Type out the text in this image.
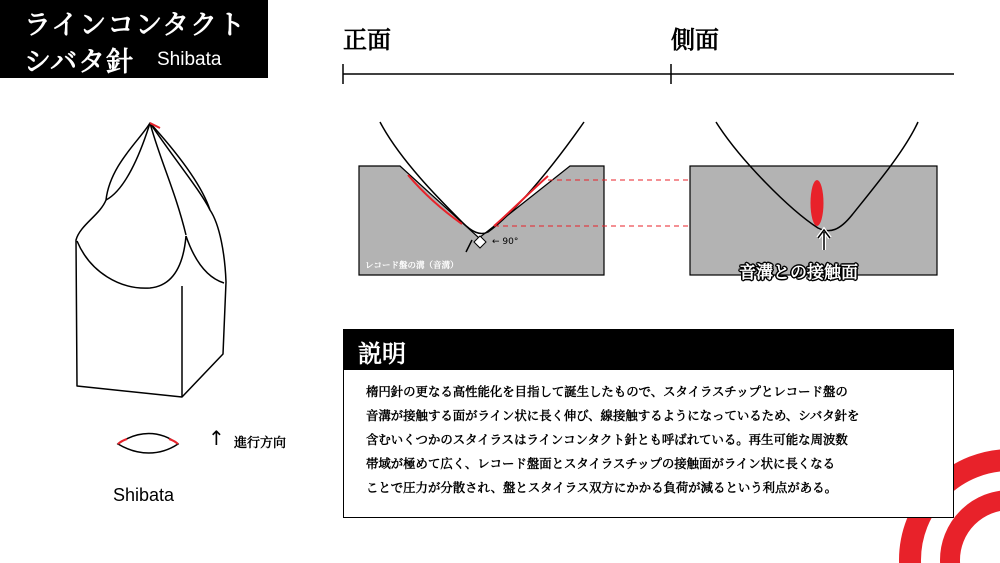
ラインコンタクト
シバタ針 Shibata
正面	側面
レコード盤の溝（音溝）
← 90°
音溝との接触面
↑ 進行方向
Shibata
説明
楕円針の更なる高性能化を目指して誕生したもので、スタイラスチップとレコード盤の
音溝が接触する面がライン状に長く伸び、線接触するようになっているため、シバタ針を
含むいくつかのスタイラスはラインコンタクト針とも呼ばれている。再生可能な周波数
帯域が極めて広く、レコード盤面とスタイラスチップの接触面がライン状に長くなる
ことで圧力が分散され、盤とスタイラス双方にかかる負荷が減るという利点がある。
